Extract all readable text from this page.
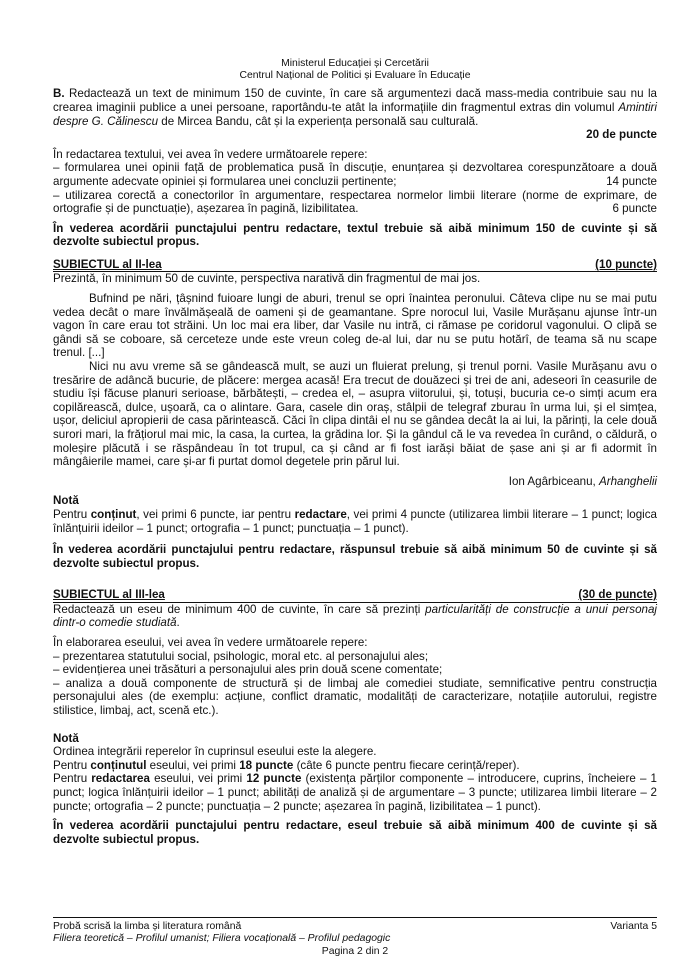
Ministerul Educației și Cercetării
Centrul Național de Politici și Evaluare în Educație

B. Redactează un text de minimum 150 de cuvinte, în care să argumentezi dacă mass-media contribuie sau nu la crearea imaginii publice a unei persoane, raportându-te atât la informațiile din fragmentul extras din volumul Amintiri despre G. Călinescu de Mircea Bandu, cât și la experiența personală sau culturală.

20 de puncte

În redactarea textului, vei avea în vedere următoarele repere:

– formularea unei opinii față de problematica pusă în discuție, enunțarea și dezvoltarea corespunzătoare a două argumente adecvate opiniei și formularea unei concluzii pertinente;	14 puncte

– utilizarea corectă a conectorilor în argumentare, respectarea normelor limbii literare (norme de exprimare, de ortografie și de punctuație), așezarea în pagină, lizibilitatea.	6 puncte

În vederea acordării punctajului pentru redactare, textul trebuie să aibă minimum 150 de cuvinte și să dezvolte subiectul propus.

SUBIECTUL al II-lea	(10 puncte)

Prezintă, în minimum 50 de cuvinte, perspectiva narativă din fragmentul de mai jos.

Bufnind pe nări, țâșnind fuioare lungi de aburi, trenul se opri înaintea peronului. Câteva clipe nu se mai putu vedea decât o mare învălmășeală de oameni și de geamantane. Spre norocul lui, Vasile Murășanu ajunse într-un vagon în care erau tot străini. Un loc mai era liber, dar Vasile nu intră, ci rămase pe coridorul vagonului. O clipă se gândi să se coboare, să cerceteze unde este vreun coleg de-al lui, dar nu se putu hotărî, de teama să nu scape trenul. [...]

Nici nu avu vreme să se gândească mult, se auzi un fluierat prelung, și trenul porni. Vasile Murășanu avu o tresărire de adâncă bucurie, de plăcere: mergea acasă! Era trecut de douăzeci și trei de ani, adeseori în ceasurile de studiu își făcuse planuri serioase, bărbătești, – credea el, – asupra viitorului, și, totuși, bucuria ce-o simți acum era copilărească, dulce, ușoară, ca o alintare. Gara, casele din oraș, stâlpii de telegraf zburau în urma lui, și el simțea, ușor, deliciul apropierii de casa părintească. Căci în clipa dintâi el nu se gândea decât la ai lui, la părinți, la cele două surori mari, la frățiorul mai mic, la casa, la curtea, la grădina lor. Și la gândul că le va revedea în curând, o căldură, o moleșire plăcută i se răspândeau în tot trupul, ca și când ar fi fost iarăși băiat de șase ani și ar fi adormit în mângâierile mamei, care și-ar fi purtat domol degetele prin părul lui.

Ion Agârbiceanu, Arhanghelii

Notă

Pentru conținut, vei primi 6 puncte, iar pentru redactare, vei primi 4 puncte (utilizarea limbii literare – 1 punct; logica înlănțuirii ideilor – 1 punct; ortografia – 1 punct; punctuația – 1 punct).

În vederea acordării punctajului pentru redactare, răspunsul trebuie să aibă minimum 50 de cuvinte și să dezvolte subiectul propus.

SUBIECTUL al III-lea	(30 de puncte)

Redactează un eseu de minimum 400 de cuvinte, în care să prezinți particularități de construcție a unui personaj dintr-o comedie studiată.

În elaborarea eseului, vei avea în vedere următoarele repere:

– prezentarea statutului social, psihologic, moral etc. al personajului ales;

– evidențierea unei trăsături a personajului ales prin două scene comentate;

– analiza a două componente de structură și de limbaj ale comediei studiate, semnificative pentru construcția personajului ales (de exemplu: acțiune, conflict dramatic, modalități de caracterizare, notațiile autorului, registre stilistice, limbaj, act, scenă etc.).

Notă

Ordinea integrării reperelor în cuprinsul eseului este la alegere.

Pentru conținutul eseului, vei primi 18 puncte (câte 6 puncte pentru fiecare cerință/reper).

Pentru redactarea eseului, vei primi 12 puncte (existența părților componente – introducere, cuprins, încheiere – 1 punct; logica înlănțuirii ideilor – 1 punct; abilități de analiză și de argumentare – 3 puncte; utilizarea limbii literare – 2 puncte; ortografia – 2 puncte; punctuația – 2 puncte; așezarea în pagină, lizibilitatea – 1 punct).

În vederea acordării punctajului pentru redactare, eseul trebuie să aibă minimum 400 de cuvinte și să dezvolte subiectul propus.

Probă scrisă la limba și literatura română	Varianta 5
Filiera teoretică – Profilul umanist; Filiera vocațională – Profilul pedagogic
Pagina 2 din 2
